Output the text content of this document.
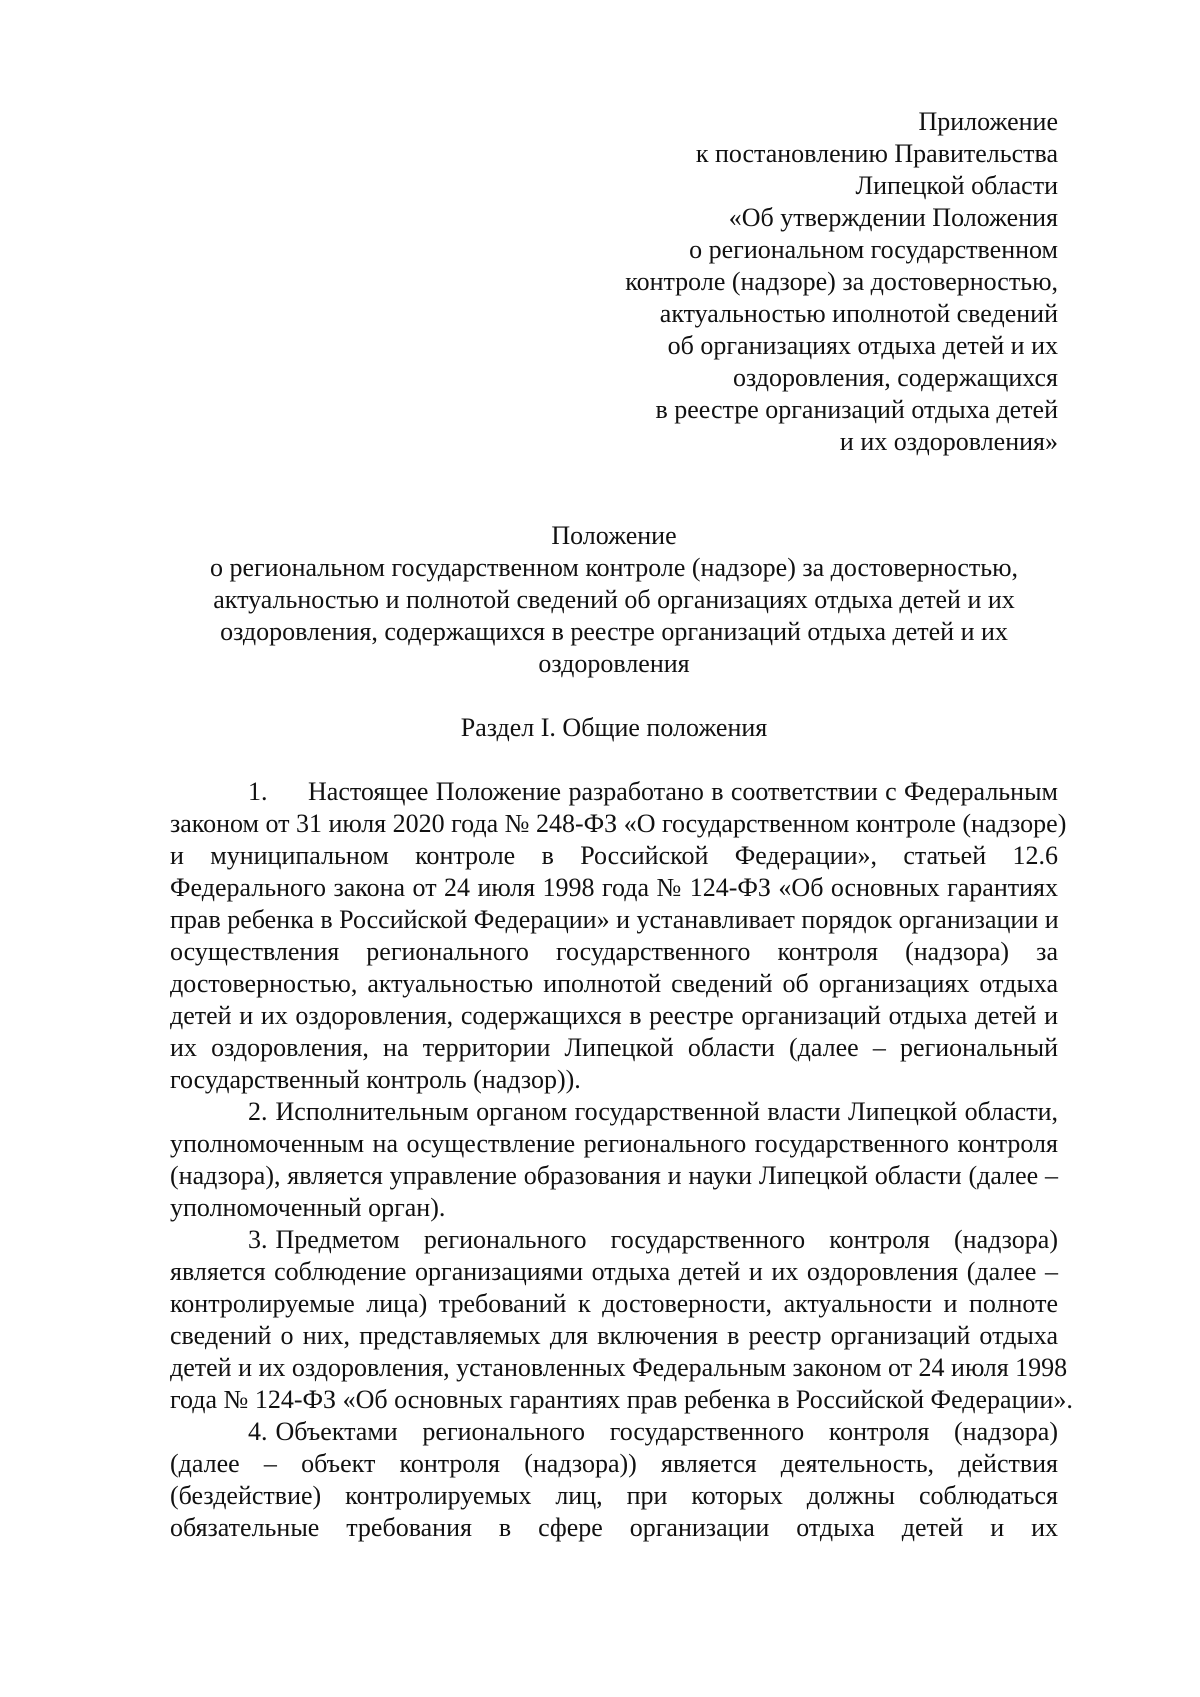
Приложение
к постановлению Правительства
Липецкой области
«Об утверждении Положения
о региональном государственном
контроле (надзоре) за достоверностью,
актуальностью иполнотой сведений
об организациях отдыха детей и их
оздоровления, содержащихся
в реестре организаций отдыха детей
и их оздоровления»
Положение
о региональном государственном контроле (надзоре) за достоверностью,
актуальностью и полнотой сведений об организациях отдыха детей и их
оздоровления, содержащихся в реестре организаций отдыха детей и их
оздоровления
Раздел I. Общие положения
1. Настоящее Положение разработано в соответствии с Федеральным
законом от 31 июля 2020 года № 248-ФЗ «О государственном контроле (надзоре)
и муниципальном контроле в Российской Федерации», статьей 12.6
Федерального закона от 24 июля 1998 года № 124-ФЗ «Об основных гарантиях
прав ребенка в Российской Федерации» и устанавливает порядок организации и
осуществления регионального государственного контроля (надзора) за
достоверностью, актуальностью иполнотой сведений об организациях отдыха
детей и их оздоровления, содержащихся в реестре организаций отдыха детей и
их оздоровления, на территории Липецкой области (далее – региональный
государственный контроль (надзор)).
2. Исполнительным органом государственной власти Липецкой области,
уполномоченным на осуществление регионального государственного контроля
(надзора), является управление образования и науки Липецкой области (далее –
уполномоченный орган).
3. Предметом регионального государственного контроля (надзора)
является соблюдение организациями отдыха детей и их оздоровления (далее –
контролируемые лица) требований к достоверности, актуальности и полноте
сведений о них, представляемых для включения в реестр организаций отдыха
детей и их оздоровления, установленных Федеральным законом от 24 июля 1998
года № 124-ФЗ «Об основных гарантиях прав ребенка в Российской Федерации».
4. Объектами регионального государственного контроля (надзора)
(далее – объект контроля (надзора)) является деятельность, действия
(бездействие) контролируемых лиц, при которых должны соблюдаться
обязательные требования в сфере организации отдыха детей и их
